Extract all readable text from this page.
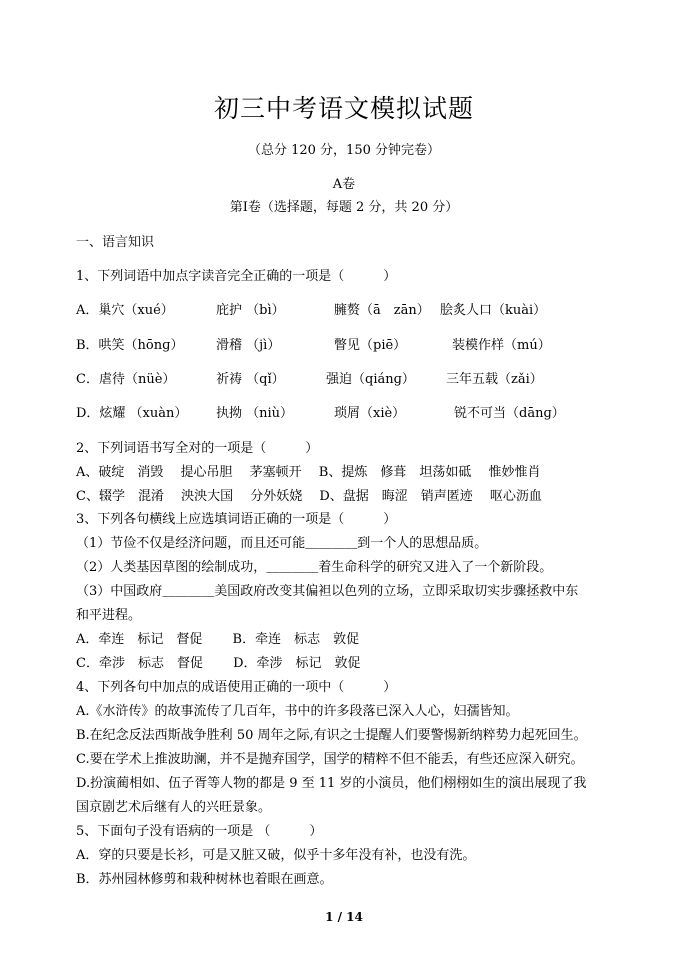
初三中考语文模拟试题
（总分 120 分，150 分钟完卷）
A卷
第Ⅰ卷（选择题，每题 2 分，共 20 分）
一、语言知识
1、下列词语中加点字读音完全正确的一项是（　　　）
A．巢穴（xué）	庇护 （bì）	臃赘（ā　zān） 脍炙人口（kuài）
B．哄笑（hōnɡ）	滑稽 （jì）	瞥见（piē）	装模作样（mú）
C．虐待（nüè）	祈祷 （qǐ）	强迫（qiánɡ） 三年五载（zǎi）
D．炫耀 （xuàn） 执拗 （niù）	琐屑（xiè）	锐不可当（dānɡ）
2、下列词语书写全对的一项是（　　　）
A、破绽　消毁　 提心吊胆　 茅塞顿开　 B、提炼　修葺　坦荡如砥　 惟妙惟肖
C、辍学　混淆　 泱泱大国　 分外妖娆　 D、盘据　晦涩　销声匿迹　 呕心沥血
3、下列各句横线上应选填词语正确的一项是（　　　）
（1）节俭不仅是经济问题，而且还可能＿＿＿＿到一个人的思想品质。
（2）人类基因草图的绘制成功，＿＿＿＿着生命科学的研究又进入了一个新阶段。
（3）中国政府＿＿＿＿美国政府改变其偏袒以色列的立场，立即采取切实步骤拯救中东
和平进程。
A．牵连　标记　督促　　 B．牵连　标志　敦促
C．牵涉　标志　督促　　 D．牵涉　标记　敦促
4、下列各句中加点的成语使用正确的一项中（　　　）
A.《水浒传》的故事流传了几百年，书中的许多段落已深入人心，妇孺皆知。
B.在纪念反法西斯战争胜利 50 周年之际,有识之士提醒人们要警惕新纳粹势力起死回生。
C.要在学术上推波助澜，并不是抛弃国学，国学的精粹不但不能丢，有些还应深入研究。
D.扮演蔺相如、伍子胥等人物的都是 9 至 11 岁的小演员，他们栩栩如生的演出展现了我
国京剧艺术后继有人的兴旺景象。
5、下面句子没有语病的一项是 （　　　）
A．穿的只要是长衫，可是又脏又破，似乎十多年没有补，也没有洗。
B．苏州园林修剪和栽种树林也着眼在画意。
1 / 14
